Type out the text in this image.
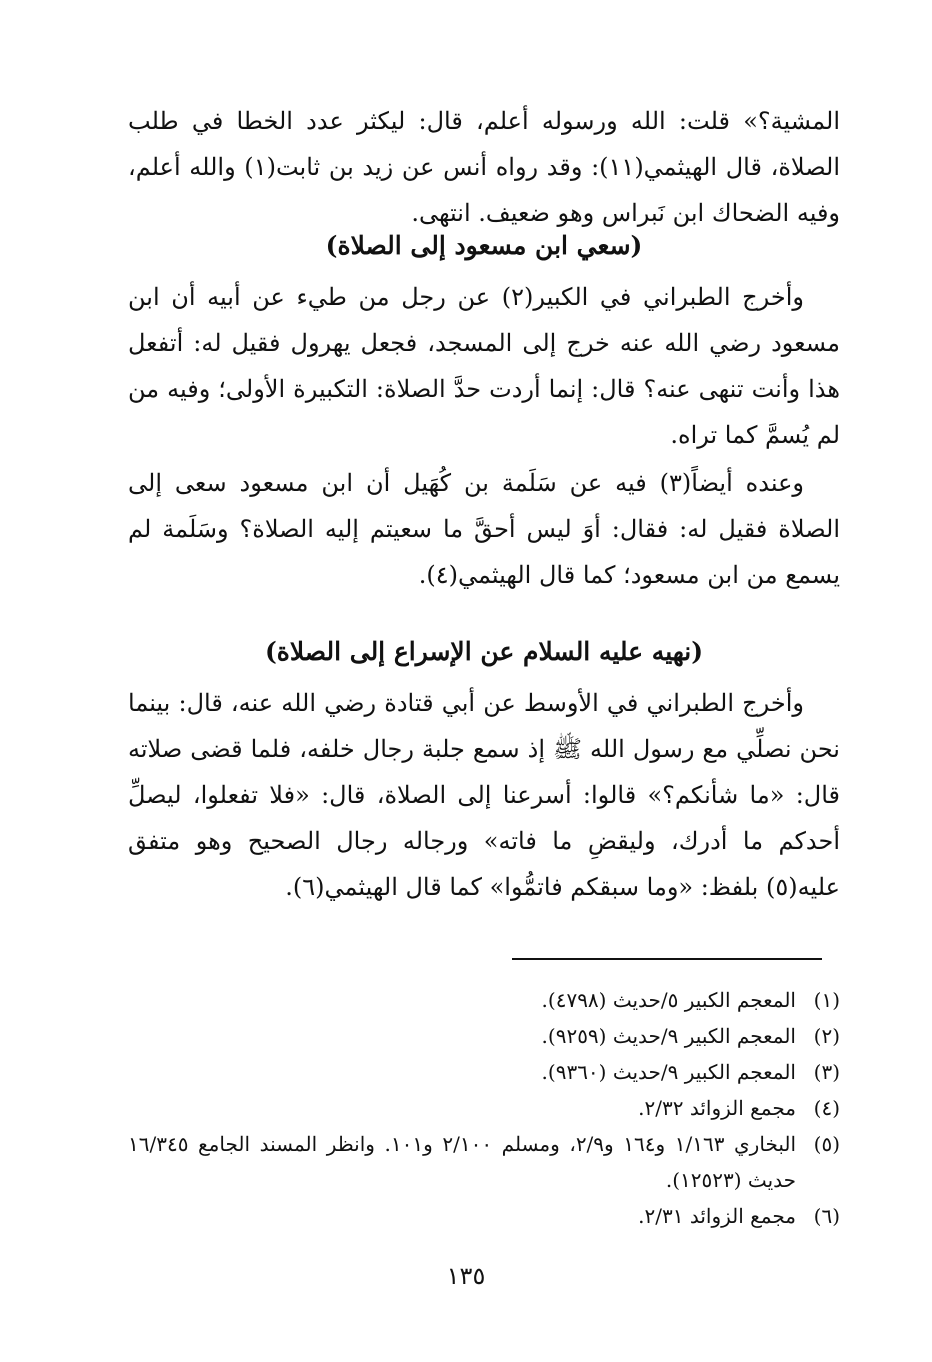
المشية؟» قلت: الله ورسوله أعلم، قال: ليكثر عدد الخطا في طلب الصلاة، قال الهيثمي(١١): وقد رواه أنس عن زيد بن ثابت(١) والله أعلم، وفيه الضحاك ابن نَبراس وهو ضعيف. انتهى.

(سعي ابن مسعود إلى الصلاة)

وأخرج الطبراني في الكبير(٢) عن رجل من طيء عن أبيه أن ابن مسعود رضي الله عنه خرج إلى المسجد، فجعل يهرول فقيل له: أتفعل هذا وأنت تنهى عنه؟ قال: إنما أردت حدَّ الصلاة: التكبيرة الأولى؛ وفيه من لم يُسمَّ كما تراه.

وعنده أيضاً(٣) فيه عن سَلَمة بن كُهَيل أن ابن مسعود سعى إلى الصلاة فقيل له: فقال: أوَ ليس أحقَّ ما سعيتم إليه الصلاة؟ وسَلَمة لم يسمع من ابن مسعود؛ كما قال الهيثمي(٤).

(نهيه عليه السلام عن الإسراع إلى الصلاة)

وأخرج الطبراني في الأوسط عن أبي قتادة رضي الله عنه، قال: بينما نحن نصلِّي مع رسول الله ﷺ إذ سمع جلبة رجال خلفه، فلما قضى صلاته قال: «ما شأنكم؟» قالوا: أسرعنا إلى الصلاة، قال: «فلا تفعلوا، ليصلِّ أحدكم ما أدرك، وليقضِ ما فاته» ورجاله رجال الصحيح وهو متفق عليه(٥) بلفظ: «وما سبقكم فاتمُّوا» كما قال الهيثمي(٦).

(١)
المعجم الكبير ٥/حديث (٤٧٩٨).
(٢)
المعجم الكبير ٩/حديث (٩٢٥٩).
(٣)
المعجم الكبير ٩/حديث (٩٣٦٠).
(٤)
مجمع الزوائد ٢/٣٢.
(٥)
البخاري ١/١٦٣ و١٦٤ و٢/٩، ومسلم ٢/١٠٠ و١٠١. وانظر المسند الجامع ١٦/٣٤٥ حديث (١٢٥٢٣).
(٦)
مجمع الزوائد ٢/٣١.
١٣٥
